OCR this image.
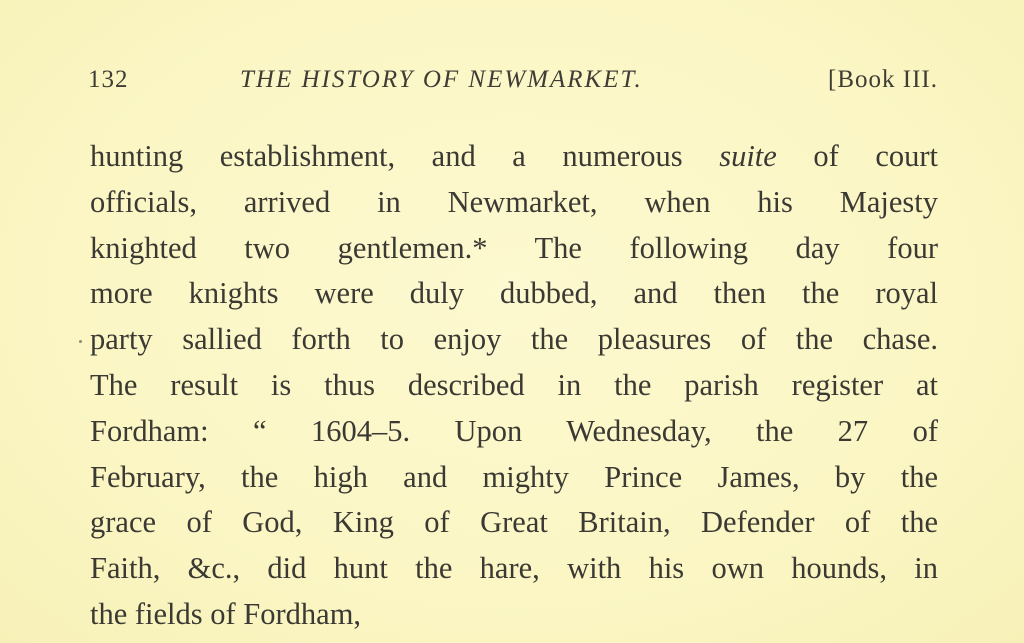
132	THE HISTORY OF NEWMARKET.	[Book III.
hunting establishment, and a numerous suite of court
officials, arrived in Newmarket, when his Majesty
knighted two gentlemen.* The following day four
more knights were duly dubbed, and then the royal
party sallied forth to enjoy the pleasures of the chase.
The result is thus described in the parish register at
Fordham: “ 1604–5. Upon Wednesday, the 27 of
February, the high and mighty Prince James, by the
grace of God, King of Great Britain, Defender of the
Faith, &c., did hunt the hare, with his own hounds, in
the fields of Fordham,
